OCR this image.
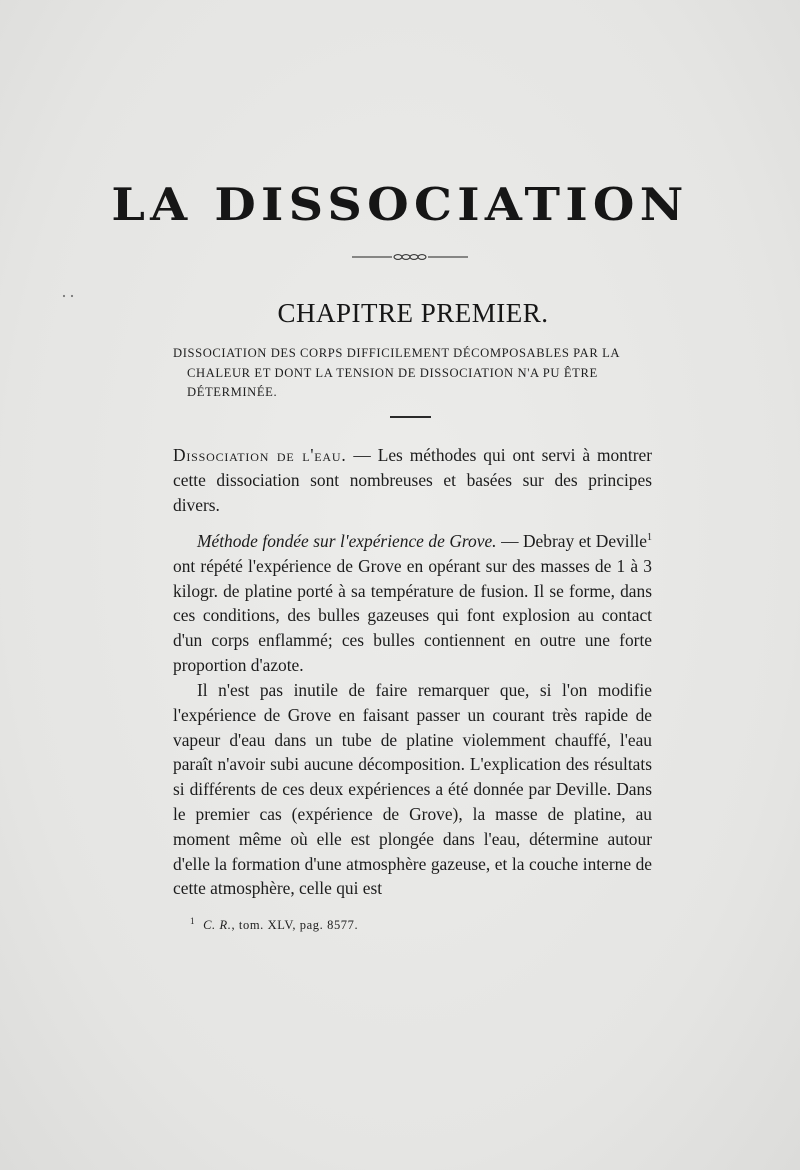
LA DISSOCIATION
CHAPITRE PREMIER.
DISSOCIATION DES CORPS DIFFICILEMENT DÉCOMPOSABLES PAR LA
CHALEUR ET DONT LA TENSION DE DISSOCIATION N'A PU ÊTRE
DÉTERMINÉE.

Dissociation de l'eau. — Les méthodes qui ont servi à montrer cette dissociation sont nombreuses et basées sur des principes divers.

Méthode fondée sur l'expérience de Grove. — Debray et Deville$^1$ ont répété l'expérience de Grove en opérant sur des masses de 1 à 3 kilogr. de platine porté à sa température de fusion. Il se forme, dans ces conditions, des bulles gazeuses qui font explosion au contact d'un corps enflammé; ces bulles contiennent en outre une forte proportion d'azote.

Il n'est pas inutile de faire remarquer que, si l'on modifie l'expérience de Grove en faisant passer un courant très rapide de vapeur d'eau dans un tube de platine violemment chauffé, l'eau paraît n'avoir subi aucune décomposition. L'explication des résultats si différents de ces deux expériences a été donnée par Deville. Dans le premier cas (expérience de Grove), la masse de platine, au moment même où elle est plongée dans l'eau, détermine autour d'elle la formation d'une atmosphère gazeuse, et la couche interne de cette atmosphère, celle qui est

$^1$ C. R., tom. XLV, pag. 8577.
